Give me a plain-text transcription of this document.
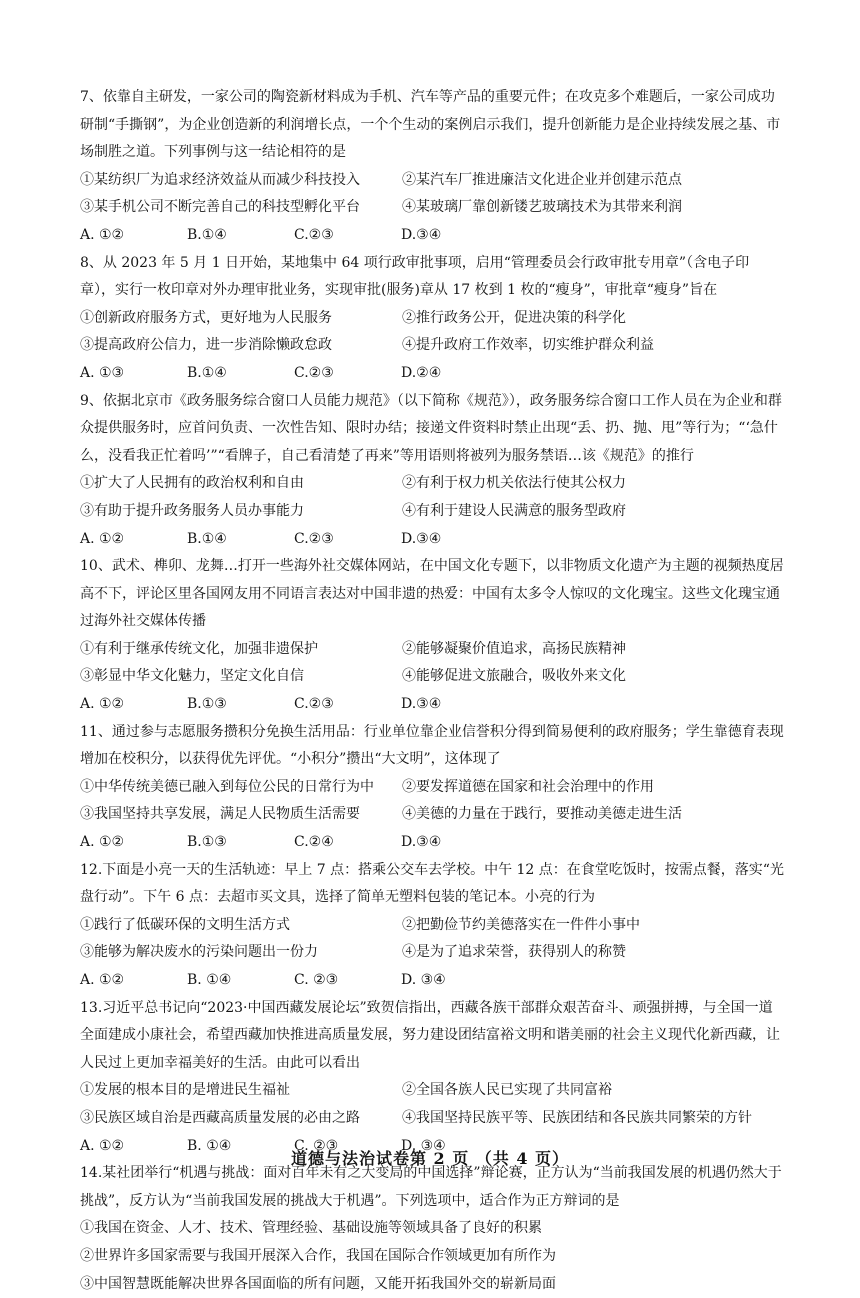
7、依靠自主研发，一家公司的陶瓷新材料成为手机、汽车等产品的重要元件；在攻克多个难题后，一家公司成功研制“手撕钢”，为企业创造新的利润增长点，一个个生动的案例启示我们，提升创新能力是企业持续发展之基、市场制胜之道。下列事例与这一结论相符的是

①某纺织厂为追求经济效益从而减少科技投入	②某汽车厂推进廉洁文化进企业并创建示范点
③某手机公司不断完善自己的科技型孵化平台	④某玻璃厂靠创新镂艺玻璃技术为其带来利润
A. ①②	B.①④	C.②③	D.③④

8、从 2023 年 5 月 1 日开始，某地集中 64 项行政审批事项，启用“管理委员会行政审批专用章”（含电子印章），实行一枚印章对外办理审批业务，实现审批(服务)章从 17 枚到 1 枚的“瘦身”，审批章“瘦身”旨在

①创新政府服务方式，更好地为人民服务	②推行政务公开，促进决策的科学化
③提高政府公信力，进一步消除懒政怠政	④提升政府工作效率，切实维护群众利益
A. ①③	B.①④	C.②③	D.②④

9、依据北京市《政务服务综合窗口人员能力规范》（以下简称《规范》），政务服务综合窗口工作人员在为企业和群众提供服务时，应首问负责、一次性告知、限时办结；接递文件资料时禁止出现“丢、扔、抛、甩”等行为；“‘急什么，没看我正忙着吗’”“看牌子，自己看清楚了再来”等用语则将被列为服务禁语…该《规范》的推行

①扩大了人民拥有的政治权利和自由	②有利于权力机关依法行使其公权力
③有助于提升政务服务人员办事能力	④有利于建设人民满意的服务型政府
A. ①②	B.①④	C.②③	D.③④

10、武术、榫卯、龙舞…打开一些海外社交媒体网站，在中国文化专题下，以非物质文化遗产为主题的视频热度居高不下，评论区里各国网友用不同语言表达对中国非遗的热爱：中国有太多令人惊叹的文化瑰宝。这些文化瑰宝通过海外社交媒体传播

①有利于继承传统文化，加强非遗保护	②能够凝聚价值追求，高扬民族精神
③彰显中华文化魅力，坚定文化自信	④能够促进文旅融合，吸收外来文化
A. ①②	B.①③	C.②③	D.③④

11、通过参与志愿服务攒积分免换生活用品：行业单位靠企业信誉积分得到简易便利的政府服务；学生靠德育表现增加在校积分，以获得优先评优。“小积分”攒出“大文明”，这体现了

①中华传统美德已融入到每位公民的日常行为中	②要发挥道德在国家和社会治理中的作用
③我国坚持共享发展，满足人民物质生活需要	④美德的力量在于践行，要推动美德走进生活
A. ①②	B.①③	C.②④	D.③④

12.下面是小亮一天的生活轨迹：早上 7 点：搭乘公交车去学校。中午 12 点：在食堂吃饭时，按需点餐，落实“光盘行动”。下午 6 点：去超市买文具，选择了简单无塑料包装的笔记本。小亮的行为

①践行了低碳环保的文明生活方式	②把勤俭节约美德落实在一件件小事中
③能够为解决废水的污染问题出一份力	④是为了追求荣誉，获得别人的称赞
A. ①②	B. ①④	C. ②③	D. ③④

13.习近平总书记向“2023·中国西藏发展论坛”致贺信指出，西藏各族干部群众艰苦奋斗、顽强拼搏，与全国一道全面建成小康社会，希望西藏加快推进高质量发展，努力建设团结富裕文明和谐美丽的社会主义现代化新西藏，让人民过上更加幸福美好的生活。由此可以看出

①发展的根本目的是增进民生福祉	②全国各族人民已实现了共同富裕
③民族区域自治是西藏高质量发展的必由之路	④我国坚持民族平等、民族团结和各民族共同繁荣的方针
A. ①②	B. ①④	C. ②③	D. ③④

14.某社团举行“机遇与挑战：面对百年未有之大变局的中国选择”辩论赛，正方认为“当前我国发展的机遇仍然大于挑战”，反方认为“当前我国发展的挑战大于机遇”。下列选项中，适合作为正方辩词的是

①我国在资金、人才、技术、管理经验、基础设施等领域具备了良好的积累

②世界许多国家需要与我国开展深入合作，我国在国际合作领域更加有所作为

③中国智慧既能解决世界各国面临的所有问题，又能开拓我国外交的崭新局面

道德与法治试卷第 2 页 （共 4 页）
